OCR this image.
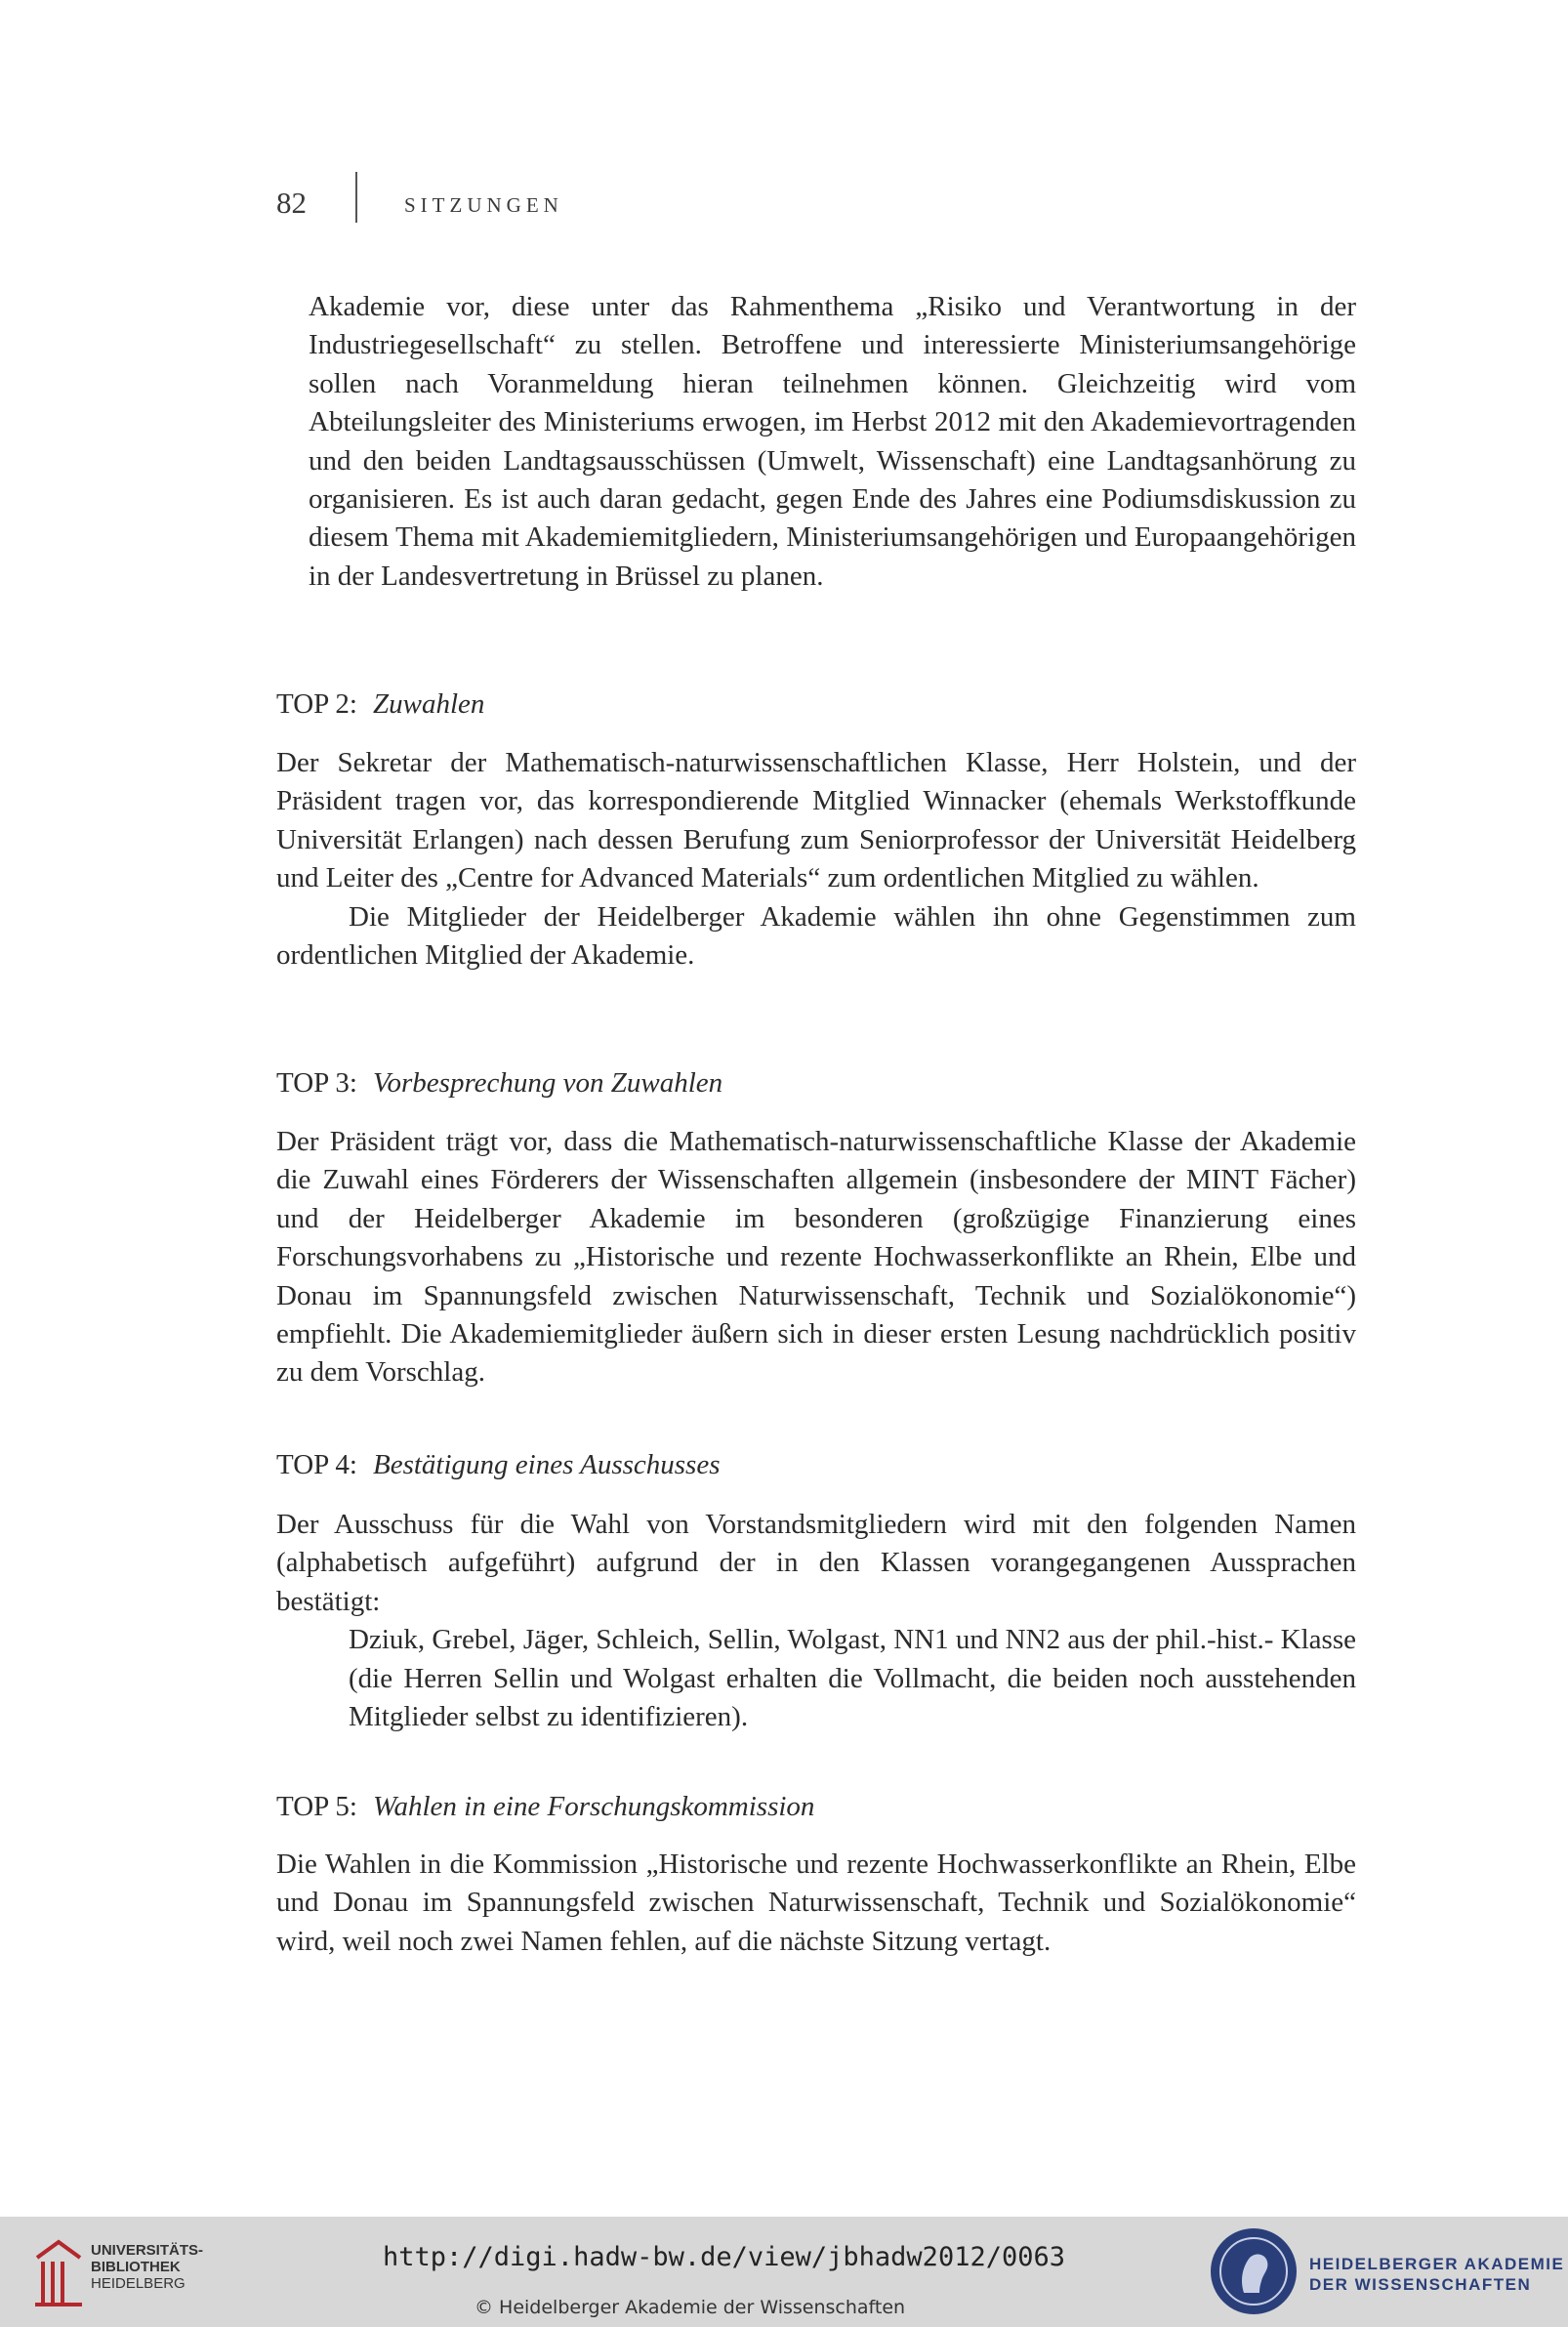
82	SITZUNGEN

Akademie vor, diese unter das Rahmenthema „Risiko und Verantwortung in der Industriegesellschaft“ zu stellen. Betroffene und interessierte Ministeriumsangehörige sollen nach Voranmeldung hieran teilnehmen können. Gleichzeitig wird vom Abteilungsleiter des Ministeriums erwogen, im Herbst 2012 mit den Akademievortragenden und den beiden Landtagsausschüssen (Umwelt, Wissenschaft) eine Landtagsanhörung zu organisieren. Es ist auch daran gedacht, gegen Ende des Jahres eine Podiumsdiskussion zu diesem Thema mit Akademiemitgliedern, Ministeriumsangehörigen und Europaangehörigen in der Landesvertretung in Brüssel zu planen.

TOP 2: Zuwahlen

Der Sekretar der Mathematisch-naturwissenschaftlichen Klasse, Herr Holstein, und der Präsident tragen vor, das korrespondierende Mitglied Winnacker (ehemals Werkstoffkunde Universität Erlangen) nach dessen Berufung zum Seniorprofessor der Universität Heidelberg und Leiter des „Centre for Advanced Materials“ zum ordentlichen Mitglied zu wählen.

Die Mitglieder der Heidelberger Akademie wählen ihn ohne Gegenstimmen zum ordentlichen Mitglied der Akademie.

TOP 3: Vorbesprechung von Zuwahlen

Der Präsident trägt vor, dass die Mathematisch-naturwissenschaftliche Klasse der Akademie die Zuwahl eines Förderers der Wissenschaften allgemein (insbesondere der MINT Fächer) und der Heidelberger Akademie im besonderen (großzügige Finanzierung eines Forschungsvorhabens zu „Historische und rezente Hochwasserkonflikte an Rhein, Elbe und Donau im Spannungsfeld zwischen Naturwissenschaft, Technik und Sozialökonomie“) empfiehlt. Die Akademiemitglieder äußern sich in dieser ersten Lesung nachdrücklich positiv zu dem Vorschlag.

TOP 4: Bestätigung eines Ausschusses

Der Ausschuss für die Wahl von Vorstandsmitgliedern wird mit den folgenden Namen (alphabetisch aufgeführt) aufgrund der in den Klassen vorangegangenen Aussprachen bestätigt:

Dziuk, Grebel, Jäger, Schleich, Sellin, Wolgast, NN1 und NN2 aus der phil.-hist.- Klasse (die Herren Sellin und Wolgast erhalten die Vollmacht, die beiden noch ausstehenden Mitglieder selbst zu identifizieren).

TOP 5: Wahlen in eine Forschungskommission

Die Wahlen in die Kommission „Historische und rezente Hochwasserkonflikte an Rhein, Elbe und Donau im Spannungsfeld zwischen Naturwissenschaft, Technik und Sozialökonomie“ wird, weil noch zwei Namen fehlen, auf die nächste Sitzung vertagt.

UNIVERSITÄTS-
BIBLIOTHEK
HEIDELBERG
http://digi.hadw-bw.de/view/jbhadw2012/0063
© Heidelberger Akademie der Wissenschaften
HEIDELBERGER AKADEMIE
DER WISSENSCHAFTEN
